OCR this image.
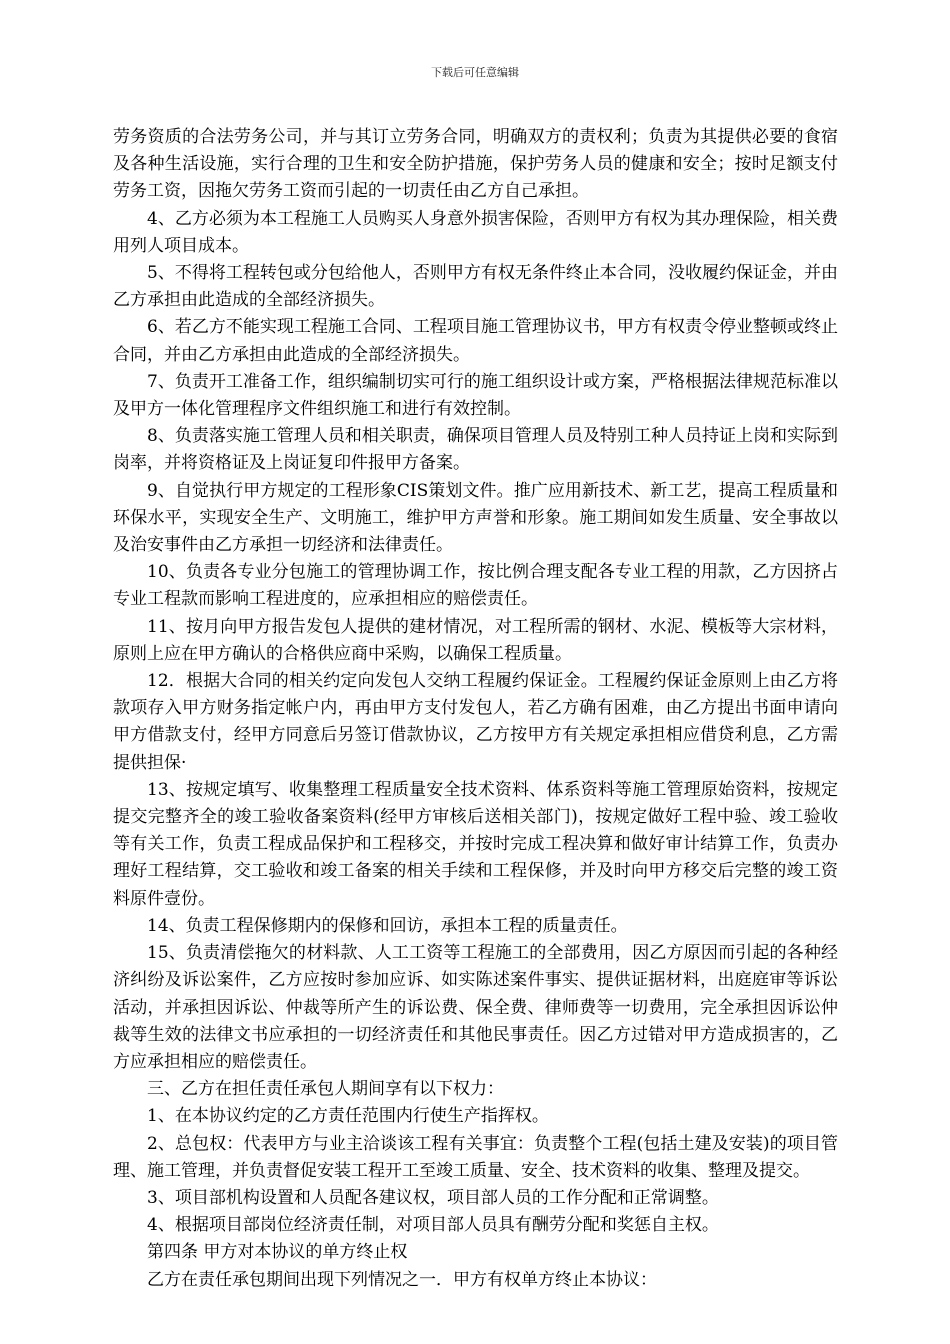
下载后可任意编辑

劳务资质的合法劳务公司，并与其订立劳务合同，明确双方的责权利；负责为其提供必要的食宿及各种生活设施，实行合理的卫生和安全防护措施，保护劳务人员的健康和安全；按时足额支付劳务工资，因拖欠劳务工资而引起的一切责任由乙方自己承担。

4、乙方必须为本工程施工人员购买人身意外损害保险，否则甲方有权为其办理保险，相关费用列人项目成本。

5、不得将工程转包或分包给他人，否则甲方有权无条件终止本合同，没收履约保证金，并由乙方承担由此造成的全部经济损失。

6、若乙方不能实现工程施工合同、工程项目施工管理协议书，甲方有权责令停业整顿或终止合同，并由乙方承担由此造成的全部经济损失。

7、负责开工准备工作，组织编制切实可行的施工组织设计或方案，严格根据法律规范标准以及甲方一体化管理程序文件组织施工和进行有效控制。

8、负责落实施工管理人员和相关职责，确保项目管理人员及特别工种人员持证上岗和实际到岗率，并将资格证及上岗证复印件报甲方备案。

9、自觉执行甲方规定的工程形象CIS策划文件。推广应用新技术、新工艺，提高工程质量和环保水平，实现安全生产、文明施工，维护甲方声誉和形象。施工期间如发生质量、安全事故以及治安事件由乙方承担一切经济和法律责任。

10、负责各专业分包施工的管理协调工作，按比例合理支配各专业工程的用款，乙方因挤占专业工程款而影响工程进度的，应承担相应的赔偿责任。

11、按月向甲方报告发包人提供的建材情况，对工程所需的钢材、水泥、模板等大宗材料，原则上应在甲方确认的合格供应商中采购，以确保工程质量。

12．根据大合同的相关约定向发包人交纳工程履约保证金。工程履约保证金原则上由乙方将款项存入甲方财务指定帐户内，再由甲方支付发包人，若乙方确有困难，由乙方提出书面申请向甲方借款支付，经甲方同意后另签订借款协议，乙方按甲方有关规定承担相应借贷利息，乙方需提供担保·

13、按规定填写、收集整理工程质量安全技术资料、体系资料等施工管理原始资料，按规定提交完整齐全的竣工验收备案资料(经甲方审核后送相关部门)，按规定做好工程中验、竣工验收等有关工作，负责工程成品保护和工程移交，并按时完成工程决算和做好审计结算工作，负责办理好工程结算，交工验收和竣工备案的相关手续和工程保修，并及时向甲方移交后完整的竣工资料原件壹份。

14、负责工程保修期内的保修和回访，承担本工程的质量责任。

15、负责清偿拖欠的材料款、人工工资等工程施工的全部费用，因乙方原因而引起的各种经济纠纷及诉讼案件，乙方应按时参加应诉、如实陈述案件事实、提供证据材料，出庭庭审等诉讼活动，并承担因诉讼、仲裁等所产生的诉讼费、保全费、律师费等一切费用，完全承担因诉讼仲裁等生效的法律文书应承担的一切经济责任和其他民事责任。因乙方过错对甲方造成损害的，乙方应承担相应的赔偿责任。

三、乙方在担任责任承包人期间享有以下权力：

1、在本协议约定的乙方责任范围内行使生产指挥权。

2、总包权：代表甲方与业主洽谈该工程有关事宜：负责整个工程(包括土建及安装)的项目管理、施工管理，并负责督促安装工程开工至竣工质量、安全、技术资料的收集、整理及提交。

3、项目部机构设置和人员配各建议权，项目部人员的工作分配和正常调整。

4、根据项目部岗位经济责任制，对项目部人员具有酬劳分配和奖惩自主权。

第四条 甲方对本协议的单方终止权

乙方在责任承包期间出现下列情况之一．甲方有权单方终止本协议：
